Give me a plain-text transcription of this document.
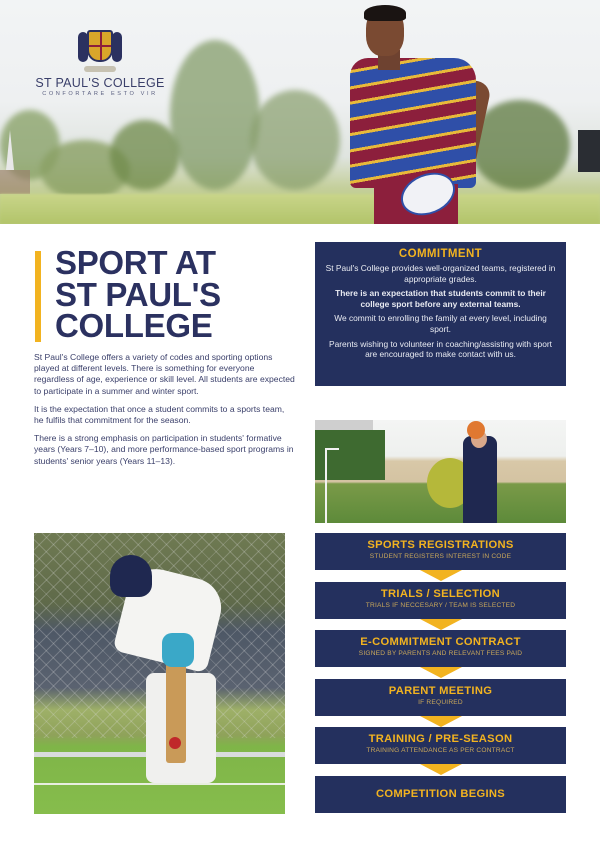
ST PAUL'S COLLEGE
CONFORTARE ESTO VIR
SPORT AT
ST PAUL'S
COLLEGE

St Paul's College offers a variety of codes and sporting options played at different levels. There is something for everyone regardless of age, experience or skill level. All students are expected to participate in a summer and winter sport.

It is the expectation that once a student commits to a sports team, he fulfils that commitment for the season.

There is a strong emphasis on participation in students' formative years (Years 7–10), and more performance-based sport programs in students' senior years (Years 11–13).

COMMITMENT

St Paul's College provides well-organized teams, registered in appropriate grades.

There is an expectation that students commit to their college sport before any external teams.

We commit to enrolling the family at every level, including sport.

Parents wishing to volunteer in coaching/assisting with sport are encouraged to make contact with us.

SPORTS REGISTRATIONS
STUDENT REGISTERS INTEREST IN CODE
TRIALS / SELECTION
TRIALS IF NECCESARY / TEAM IS SELECTED
E-COMMITMENT CONTRACT
SIGNED BY PARENTS AND RELEVANT FEES PAID
PARENT MEETING
IF REQUIRED
TRAINING / PRE-SEASON
TRAINING ATTENDANCE AS PER CONTRACT
COMPETITION BEGINS
